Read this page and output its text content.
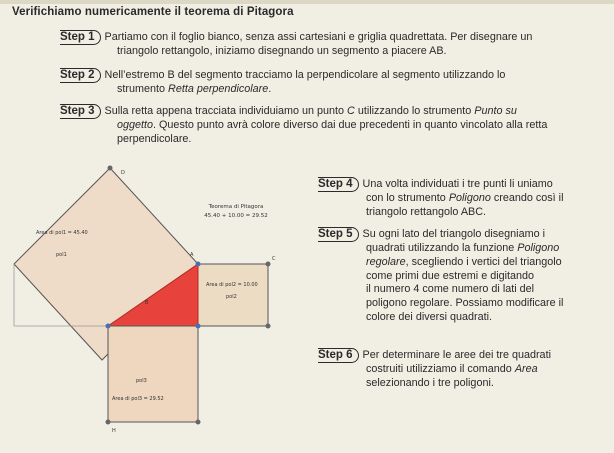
Verifichiamo numericamente il teorema di Pitagora
Step 1 Partiamo con il foglio bianco, senza assi cartesiani e griglia quadrettata. Per disegnare un
triangolo rettangolo, iniziamo disegnando un segmento a piacere AB.
Step 2 Nell’estremo B del segmento tracciamo la perpendicolare al segmento utilizzando lo
strumento Retta perpendicolare.
Step 3 Sulla retta appena tracciata individuiamo un punto C utilizzando lo strumento Punto su
oggetto. Questo punto avrà colore diverso dai due precedenti in quanto vincolato alla retta
perpendicolare.
Teorema di Pitagora
45.40 + 10.00 = 29.52
Area di pol1 = 45.40
pol1
Area di pol2 = 10.00
pol2
pol3
Area di pol3 = 29.52
D
A
B
C
H
Step 4 Una volta individuati i tre punti li uniamo
con lo strumento Poligono creando così il
triangolo rettangolo ABC.
Step 5 Su ogni lato del triangolo disegniamo i
quadrati utilizzando la funzione Poligono
regolare, scegliendo i vertici del triangolo
come primi due estremi e digitando
il numero 4 come numero di lati del
poligono regolare. Possiamo modificare il
colore dei diversi quadrati.
Step 6 Per determinare le aree dei tre quadrati
costruiti utilizziamo il comando Area
selezionando i tre poligoni.
